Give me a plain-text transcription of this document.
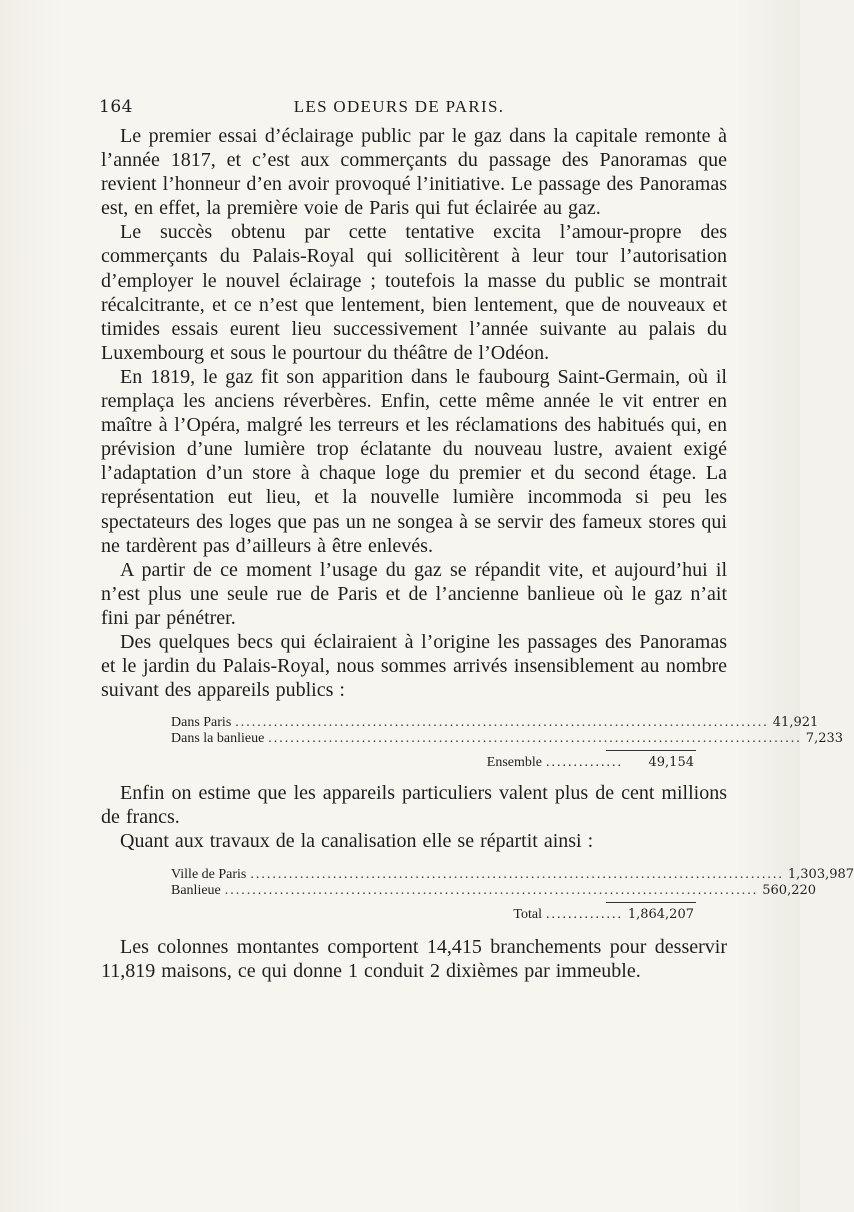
164	LES ODEURS DE PARIS.

Le premier essai d’éclairage public par le gaz dans la capitale remonte à l’année 1817, et c’est aux commerçants du passage des Panoramas que revient l’honneur d’en avoir provoqué l’initiative. Le passage des Panoramas est, en effet, la première voie de Paris qui fut éclairée au gaz.

Le succès obtenu par cette tentative excita l’amour-propre des commerçants du Palais-Royal qui sollicitèrent à leur tour l’autorisation d’employer le nouvel éclairage ; toutefois la masse du public se montrait récalcitrante, et ce n’est que lentement, bien lentement, que de nouveaux et timides essais eurent lieu successivement l’année suivante au palais du Luxembourg et sous le pourtour du théâtre de l’Odéon.

En 1819, le gaz fit son apparition dans le faubourg Saint-Germain, où il remplaça les anciens réverbères. Enfin, cette même année le vit entrer en maître à l’Opéra, malgré les terreurs et les réclamations des habitués qui, en prévision d’une lumière trop éclatante du nouveau lustre, avaient exigé l’adaptation d’un store à chaque loge du premier et du second étage. La représentation eut lieu, et la nouvelle lumière incommoda si peu les spectateurs des loges que pas un ne songea à se servir des fameux stores qui ne tardèrent pas d’ailleurs à être enlevés.

A partir de ce moment l’usage du gaz se répandit vite, et aujourd’hui il n’est plus une seule rue de Paris et de l’ancienne banlieue où le gaz n’ait fini par pénétrer.

Des quelques becs qui éclairaient à l’origine les passages des Panoramas et le jardin du Palais-Royal, nous sommes arrivés insensiblement au nombre suivant des appareils publics :

Dans Paris ................................................................................................. 41,921
Dans la banlieue ................................................................................................. 7,233
Ensemble ..............	49,154

Enfin on estime que les appareils particuliers valent plus de cent millions de francs.

Quant aux travaux de la canalisation elle se répartit ainsi :

Ville de Paris ................................................................................................. 1,303,987
Banlieue ................................................................................................. 560,220
Total .............. 1,864,207

Les colonnes montantes comportent 14,415 branchements pour desservir 11,819 maisons, ce qui donne 1 conduit 2 dixièmes par immeuble.
